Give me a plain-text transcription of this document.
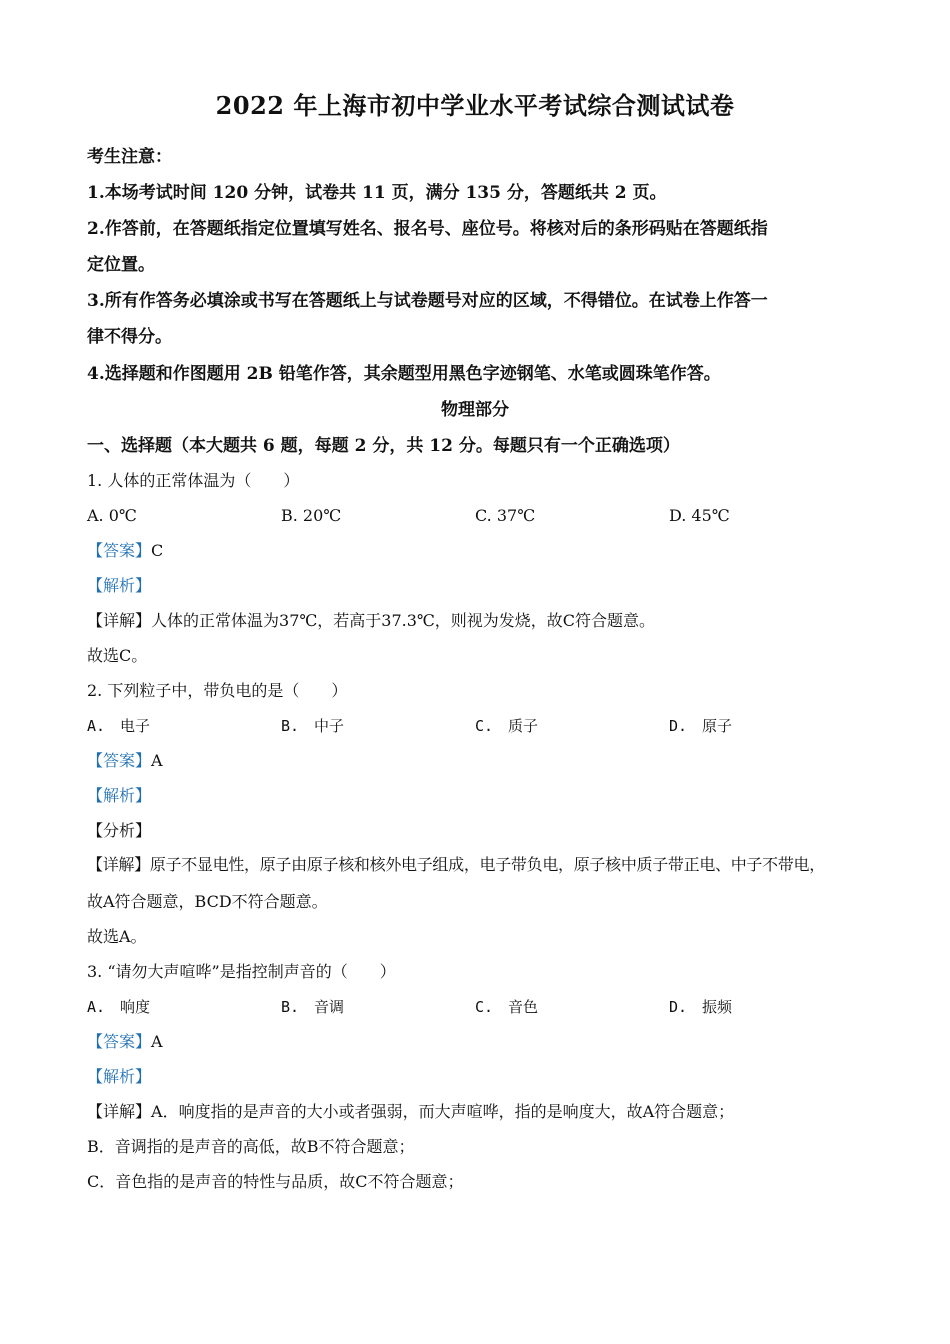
2022 年上海市初中学业水平考试综合测试试卷
考生注意：
1.本场考试时间 120 分钟，试卷共 11 页，满分 135 分，答题纸共 2 页。
2.作答前，在答题纸指定位置填写姓名、报名号、座位号。将核对后的条形码贴在答题纸指
定位置。
3.所有作答务必填涂或书写在答题纸上与试卷题号对应的区域，不得错位。在试卷上作答一
律不得分。
4.选择题和作图题用 2B 铅笔作答，其余题型用黑色字迹钢笔、水笔或圆珠笔作答。
物理部分
一、选择题（本大题共 6 题，每题 2 分，共 12 分。每题只有一个正确选项）
1. 人体的正常体温为（　　）
A. 0℃	B. 20℃	C. 37℃	D. 45℃
【答案】C
【解析】
【详解】人体的正常体温为37℃，若高于37.3℃，则视为发烧，故C符合题意。
故选C。
2. 下列粒子中，带负电的是（　　）
A.　电子	B.　中子	C.　质子	D.　原子
【答案】A
【解析】
【分析】
【详解】原子不显电性，原子由原子核和核外电子组成，电子带负电，原子核中质子带正电、中子不带电，
故A符合题意，BCD不符合题意。
故选A。
3. “请勿大声喧哗”是指控制声音的（　　）
A.　响度	B.　音调	C.　音色	D.　振频
【答案】A
【解析】
【详解】A．响度指的是声音的大小或者强弱，而大声喧哗，指的是响度大，故A符合题意；
B．音调指的是声音的高低，故B不符合题意；
C．音色指的是声音的特性与品质，故C不符合题意；
